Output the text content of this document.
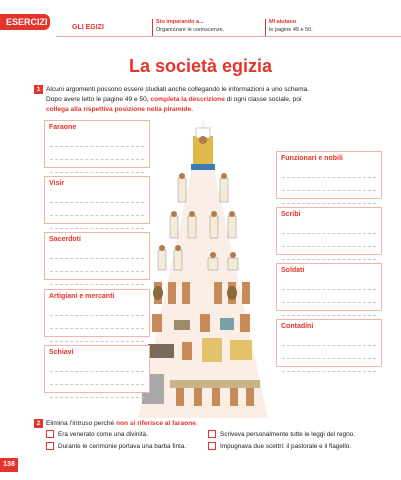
ESERCIZI
GLI EGIZI
Sto imparando a...
Organizzare le conoscenze.
Mi aiutano
le pagine 49 e 50.
La società egizia
1 Alcuni argomenti possono essere studiati anche collegando le informazioni a uno schema.
Dopo avere letto le pagine 49 e 50, completa la descrizione di ogni classe sociale, poi
collega alla rispettiva posizione nella piramide.
Faraone
Visir
Sacerdoti
Artigiani e mercanti
Schiavi
Funzionari e nobili
Scribi
Soldati
Contadini
2 Elimina l’intruso perché non si riferisce al faraone.
Era venerato come una divinità.	Scriveva personalmente tutte le leggi del regno.
Durante le cerimonie portava una barba finta.	Impugnava due scettri: il pastorale e il flagello.
138
